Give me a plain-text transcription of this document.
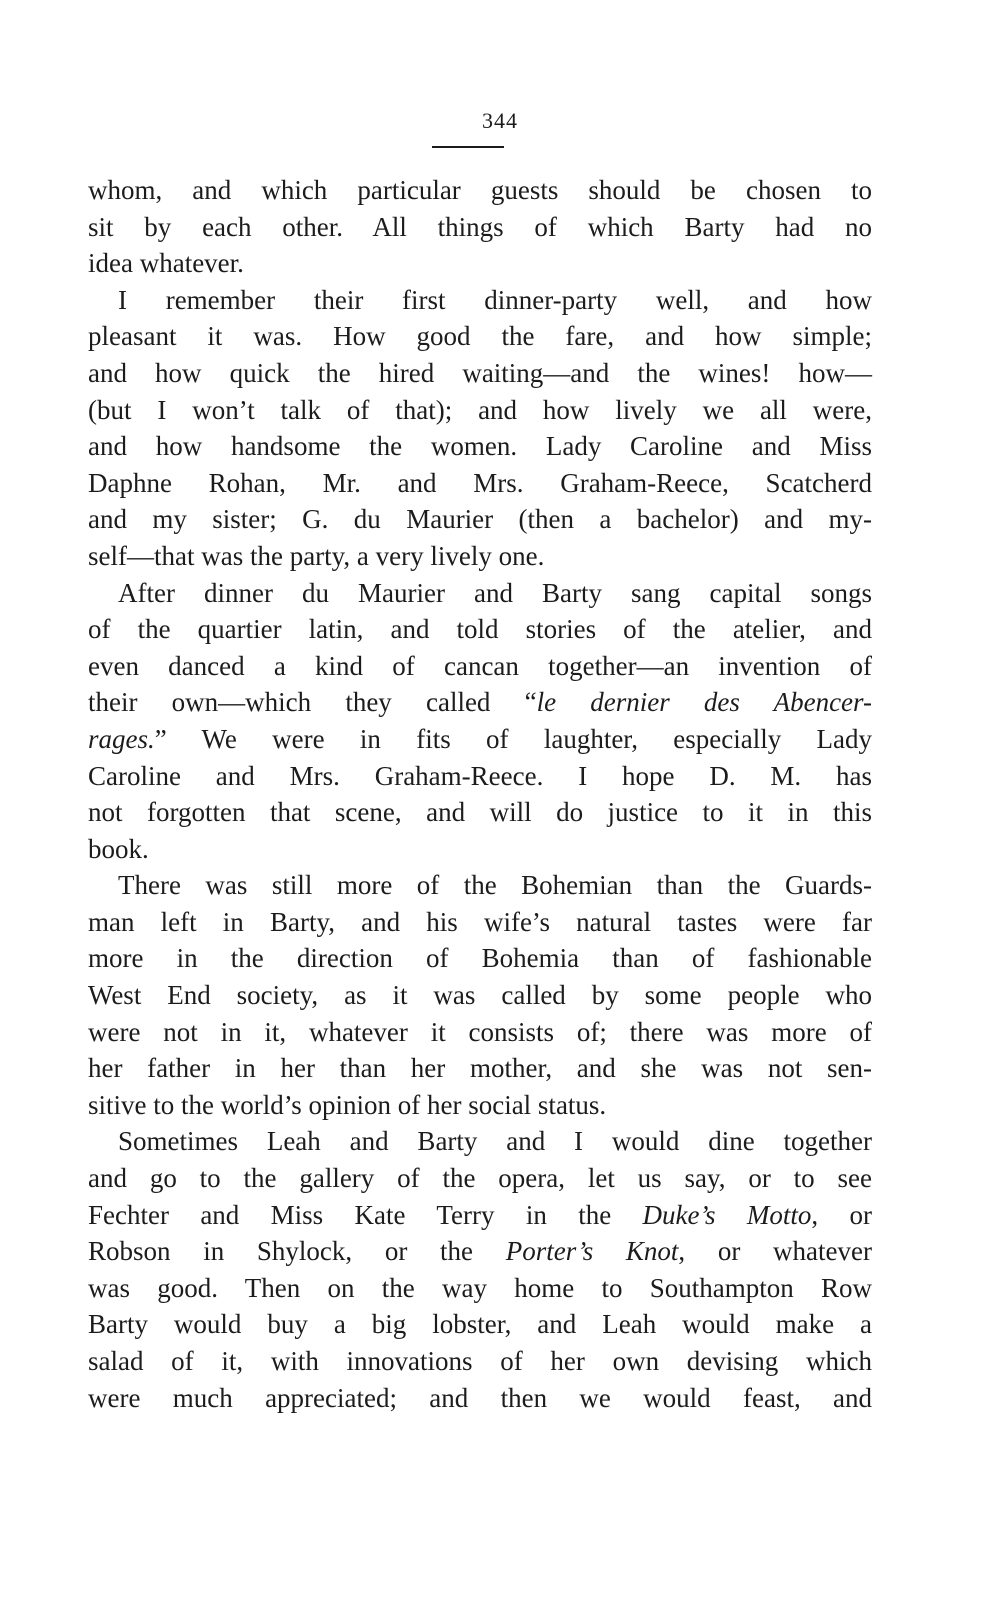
344
whom, and which particular guests should be chosen to
sit by each other. All things of which Barty had no
idea whatever.
I remember their first dinner-party well, and how
pleasant it was. How good the fare, and how simple;
and how quick the hired waiting—and the wines! how—
(but I won’t talk of that); and how lively we all were,
and how handsome the women. Lady Caroline and Miss
Daphne Rohan, Mr. and Mrs. Graham-Reece, Scatcherd
and my sister; G. du Maurier (then a bachelor) and my-
self—that was the party, a very lively one.
After dinner du Maurier and Barty sang capital songs
of the quartier latin, and told stories of the atelier, and
even danced a kind of cancan together—an invention of
their own—which they called “le dernier des Abencer-
rages.” We were in fits of laughter, especially Lady
Caroline and Mrs. Graham-Reece. I hope D. M. has
not forgotten that scene, and will do justice to it in this
book.
There was still more of the Bohemian than the Guards-
man left in Barty, and his wife’s natural tastes were far
more in the direction of Bohemia than of fashionable
West End society, as it was called by some people who
were not in it, whatever it consists of; there was more of
her father in her than her mother, and she was not sen-
sitive to the world’s opinion of her social status.
Sometimes Leah and Barty and I would dine together
and go to the gallery of the opera, let us say, or to see
Fechter and Miss Kate Terry in the Duke’s Motto, or
Robson in Shylock, or the Porter’s Knot, or whatever
was good. Then on the way home to Southampton Row
Barty would buy a big lobster, and Leah would make a
salad of it, with innovations of her own devising which
were much appreciated; and then we would feast, and
